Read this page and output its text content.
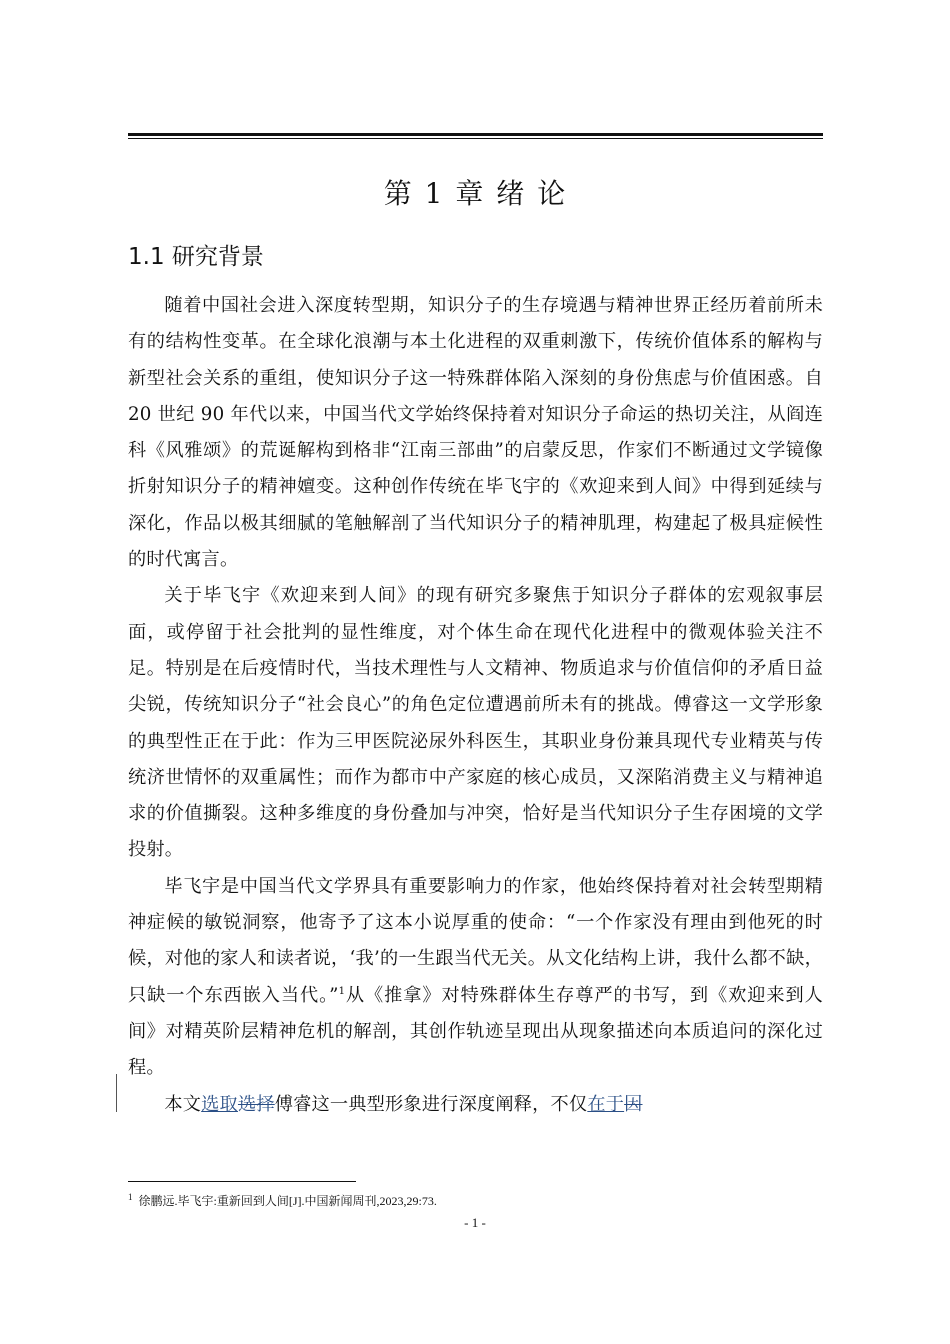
第 1 章 绪 论
1.1 研究背景

随着中国社会进入深度转型期，知识分子的生存境遇与精神世界正经历着前所未有的结构性变革。在全球化浪潮与本土化进程的双重刺激下，传统价值体系的解构与新型社会关系的重组，使知识分子这一特殊群体陷入深刻的身份焦虑与价值困惑。自 20 世纪 90 年代以来，中国当代文学始终保持着对知识分子命运的热切关注，从阎连科《风雅颂》的荒诞解构到格非“江南三部曲”的启蒙反思，作家们不断通过文学镜像折射知识分子的精神嬗变。这种创作传统在毕飞宇的《欢迎来到人间》中得到延续与深化，作品以极其细腻的笔触解剖了当代知识分子的精神肌理，构建起了极具症候性的时代寓言。

关于毕飞宇《欢迎来到人间》的现有研究多聚焦于知识分子群体的宏观叙事层面，或停留于社会批判的显性维度，对个体生命在现代化进程中的微观体验关注不足。特别是在后疫情时代，当技术理性与人文精神、物质追求与价值信仰的矛盾日益尖锐，传统知识分子“社会良心”的角色定位遭遇前所未有的挑战。傅睿这一文学形象的典型性正在于此：作为三甲医院泌尿外科医生，其职业身份兼具现代专业精英与传统济世情怀的双重属性；而作为都市中产家庭的核心成员，又深陷消费主义与精神追求的价值撕裂。这种多维度的身份叠加与冲突，恰好是当代知识分子生存困境的文学投射。

毕飞宇是中国当代文学界具有重要影响力的作家，他始终保持着对社会转型期精神症候的敏锐洞察，他寄予了这本小说厚重的使命：“一个作家没有理由到他死的时候，对他的家人和读者说，‘我’的一生跟当代无关。从文化结构上讲，我什么都不缺，只缺一个东西嵌入当代。”$^1$从《推拿》对特殊群体生存尊严的书写，到《欢迎来到人间》对精英阶层精神危机的解剖，其创作轨迹呈现出从现象描述向本质追问的深化过程。

本文选取选择傅睿这一典型形象进行深度阐释，不仅在于因

$^1$ 徐鹏远.毕飞宇:重新回到人间[J].中国新闻周刊,2023,29:73.

- 1 -
